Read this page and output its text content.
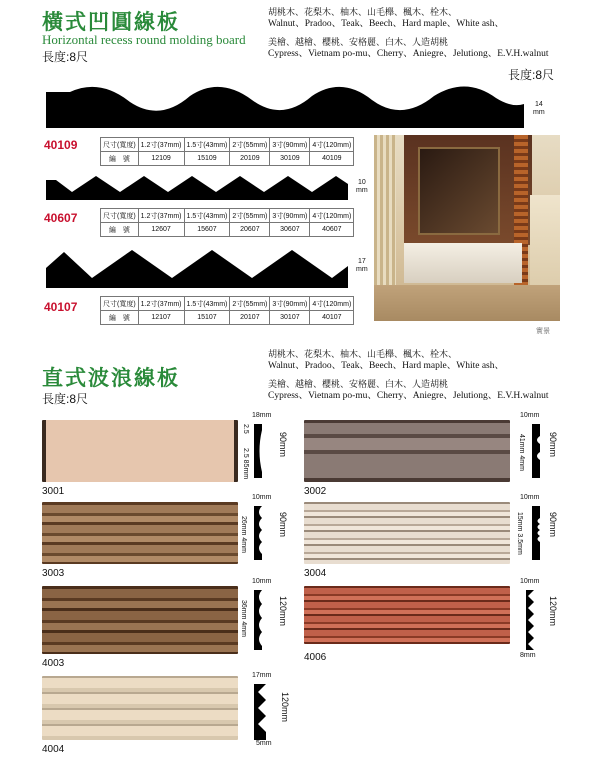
橫式凹圓線板
Horizontal recess round molding board
長度:8尺
胡桃木、花梨木、柚木、山毛櫸、楓木、栓木、
Walnut、Pradoo、Teak、Beech、Hard maple、White ash、
美檜、越檜、櫻桃、安格麗、白木、人造胡桃
Cypress、Vietnam po-mu、Cherry、Aniegre、Jelutiong、E.V.H.walnut
長度:8尺
14
mm
40109	尺寸(寬度)	1.2寸(37mm)	1.5寸(43mm)	2寸(55mm)	3寸(90mm)	4寸(120mm)
編　號	12109	15109	20109	30109	40109
10
mm
40607	尺寸(寬度)	1.2寸(37mm)	1.5寸(43mm)	2寸(55mm)	3寸(90mm)	4寸(120mm)
編　號	12607	15607	20607	30607	40607
17
mm
40107	尺寸(寬度)	1.2寸(37mm)	1.5寸(43mm)	2寸(55mm)	3寸(90mm)	4寸(120mm)
編　號	12107	15107	20107	30107	40107
實景
直式波浪線板
長度:8尺
胡桃木、花梨木、柚木、山毛櫸、楓木、栓木、
Walnut、Pradoo、Teak、Beech、Hard maple、White ash、
美檜、越檜、櫻桃、安格麗、白木、人造胡桃
Cypress、Vietnam po-mu、Cherry、Aniegre、Jelutiong、E.V.H.walnut
18mm
2.5
2.5 85mm
90mm
3001
10mm
41mm 4mm	90mm
3002
10mm
26mm 4mm	90mm
3003
10mm
15mm 3.5mm	90mm
3004
10mm
36mm 4mm	120mm
4003
10mm
8mm
120mm
4006
17mm
120mm
5mm
4004
